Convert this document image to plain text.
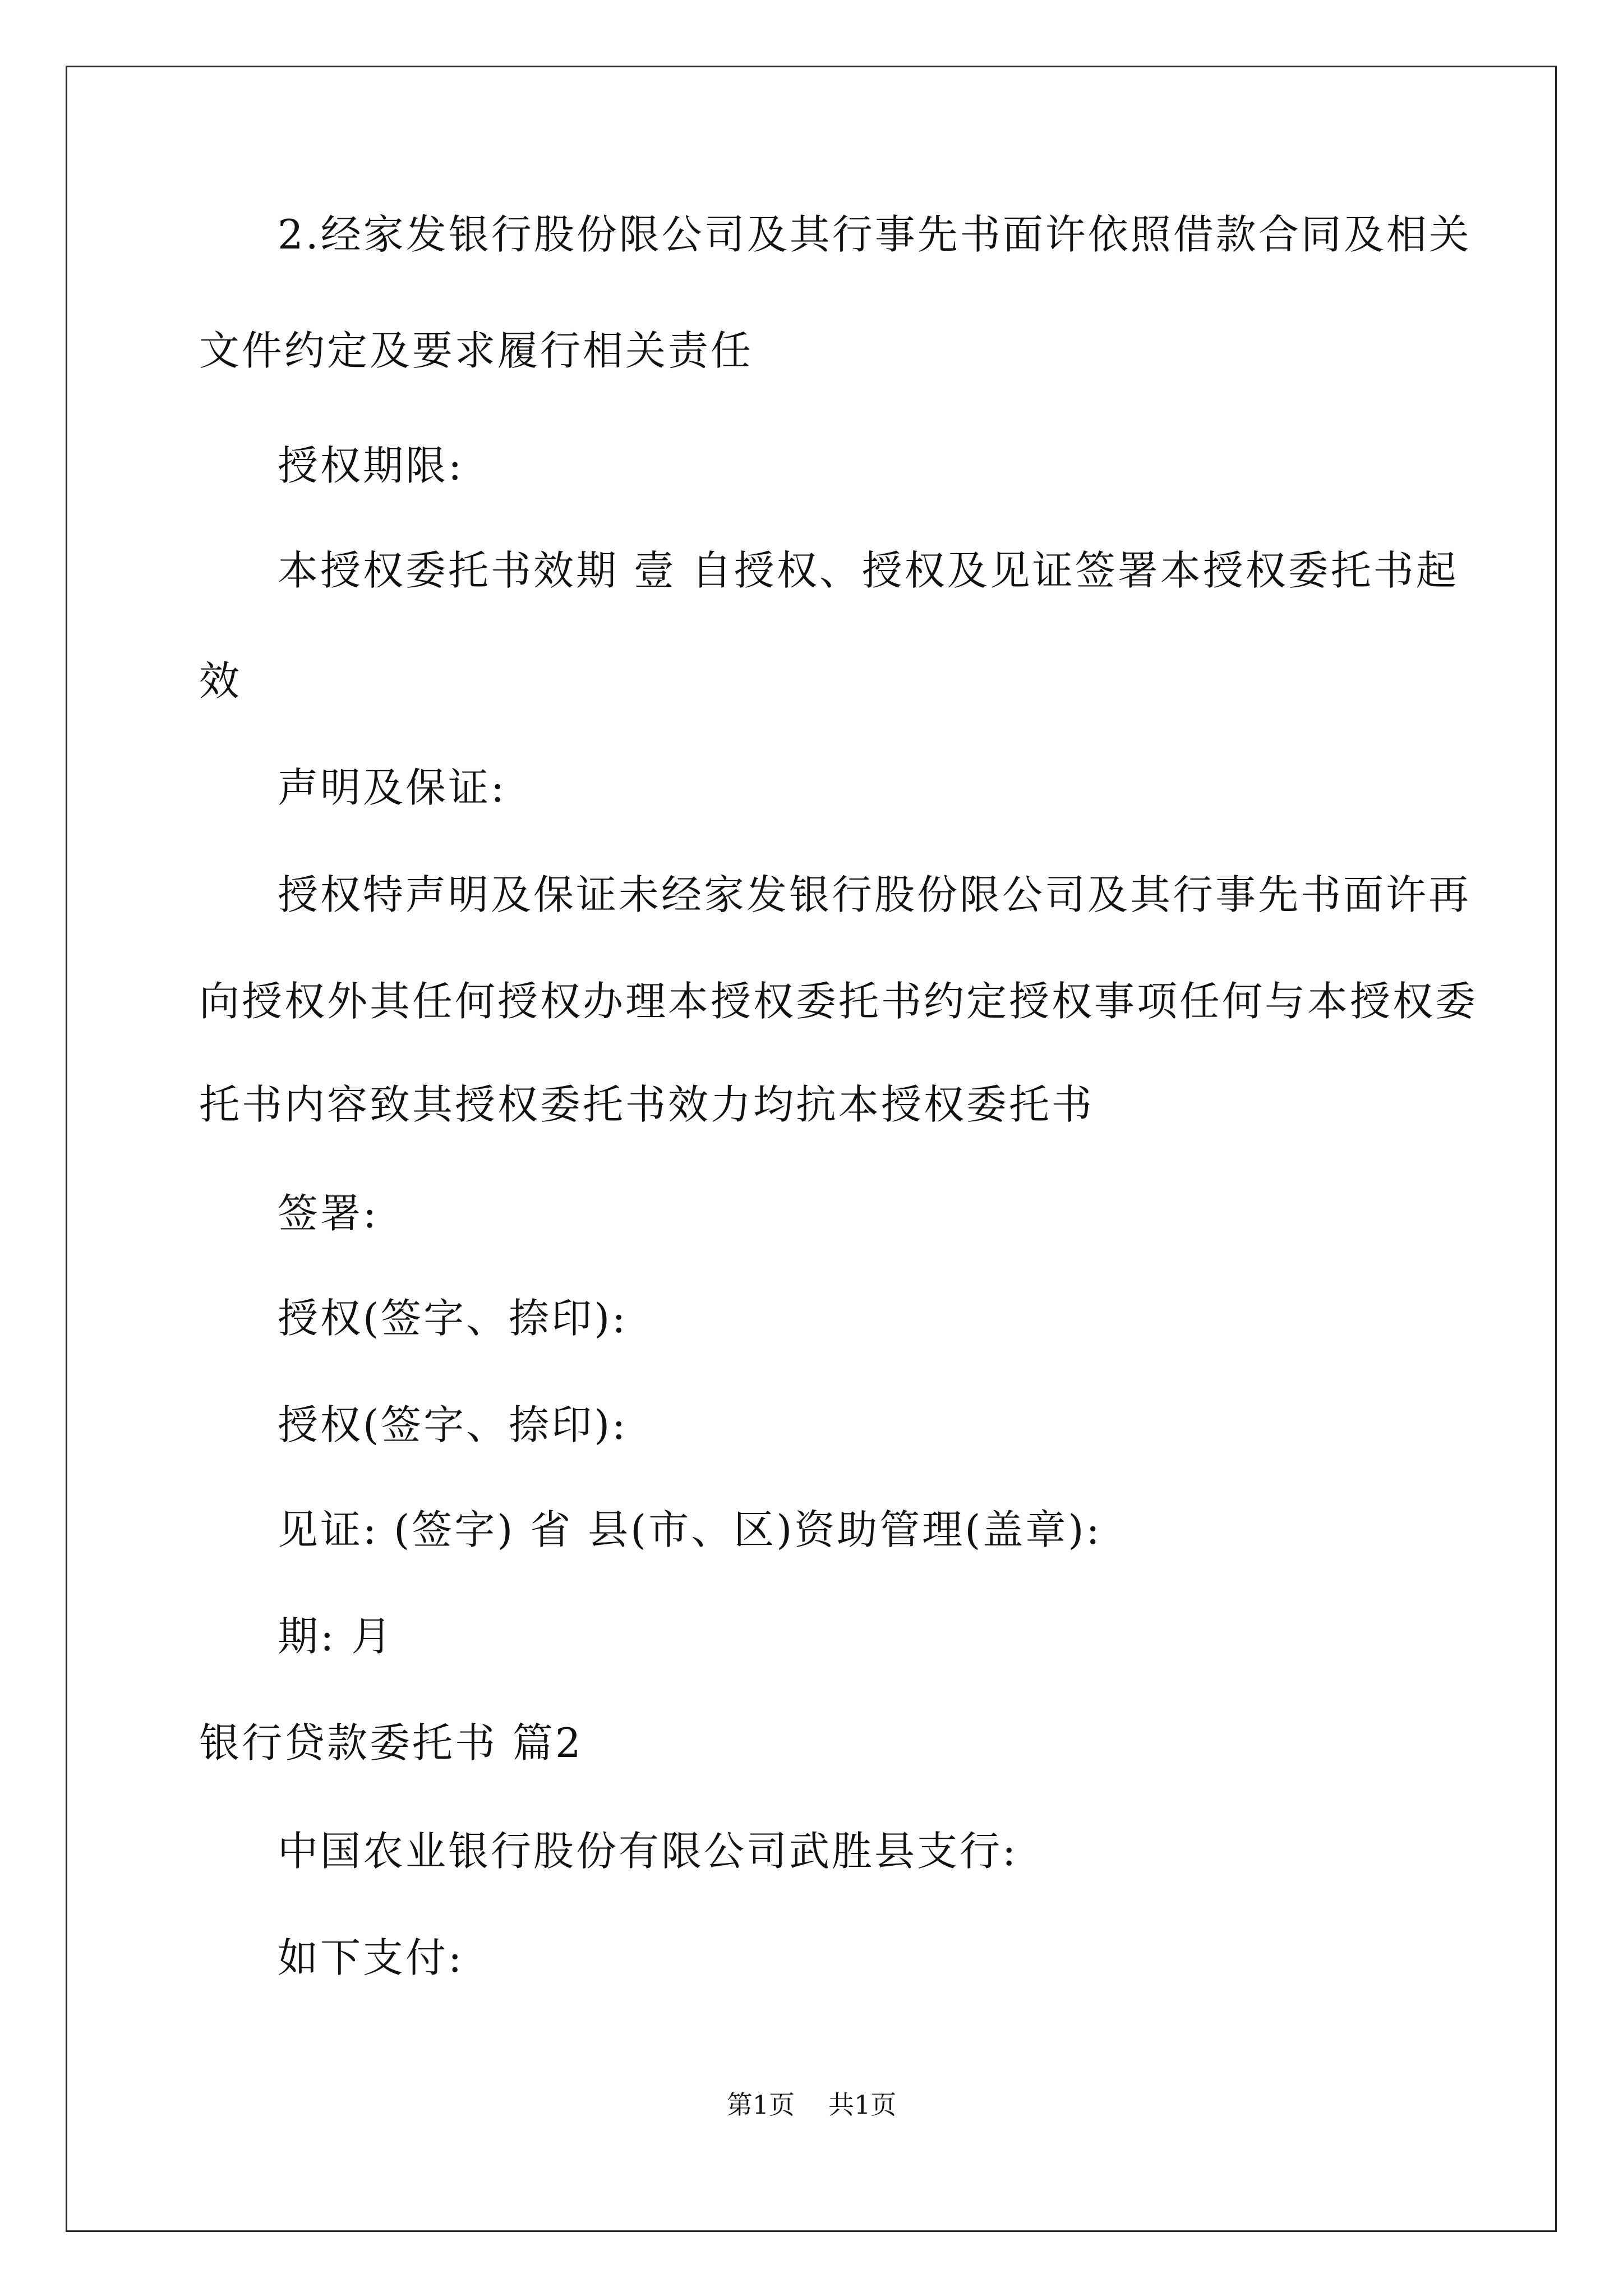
2.经家发银行股份限公司及其行事先书面许依照借款合同及相关
文件约定及要求履行相关责任
授权期限:
本授权委托书效期 壹 自授权、授权及见证签署本授权委托书起
效
声明及保证:
授权特声明及保证未经家发银行股份限公司及其行事先书面许再
向授权外其任何授权办理本授权委托书约定授权事项任何与本授权委
托书内容致其授权委托书效力均抗本授权委托书
签署:
授权(签字、捺印):
授权(签字、捺印):
见证: (签字) 省 县(市、区)资助管理(盖章):
期: 月
银行贷款委托书 篇2
中国农业银行股份有限公司武胜县支行:
如下支付:
第1页 共1页
